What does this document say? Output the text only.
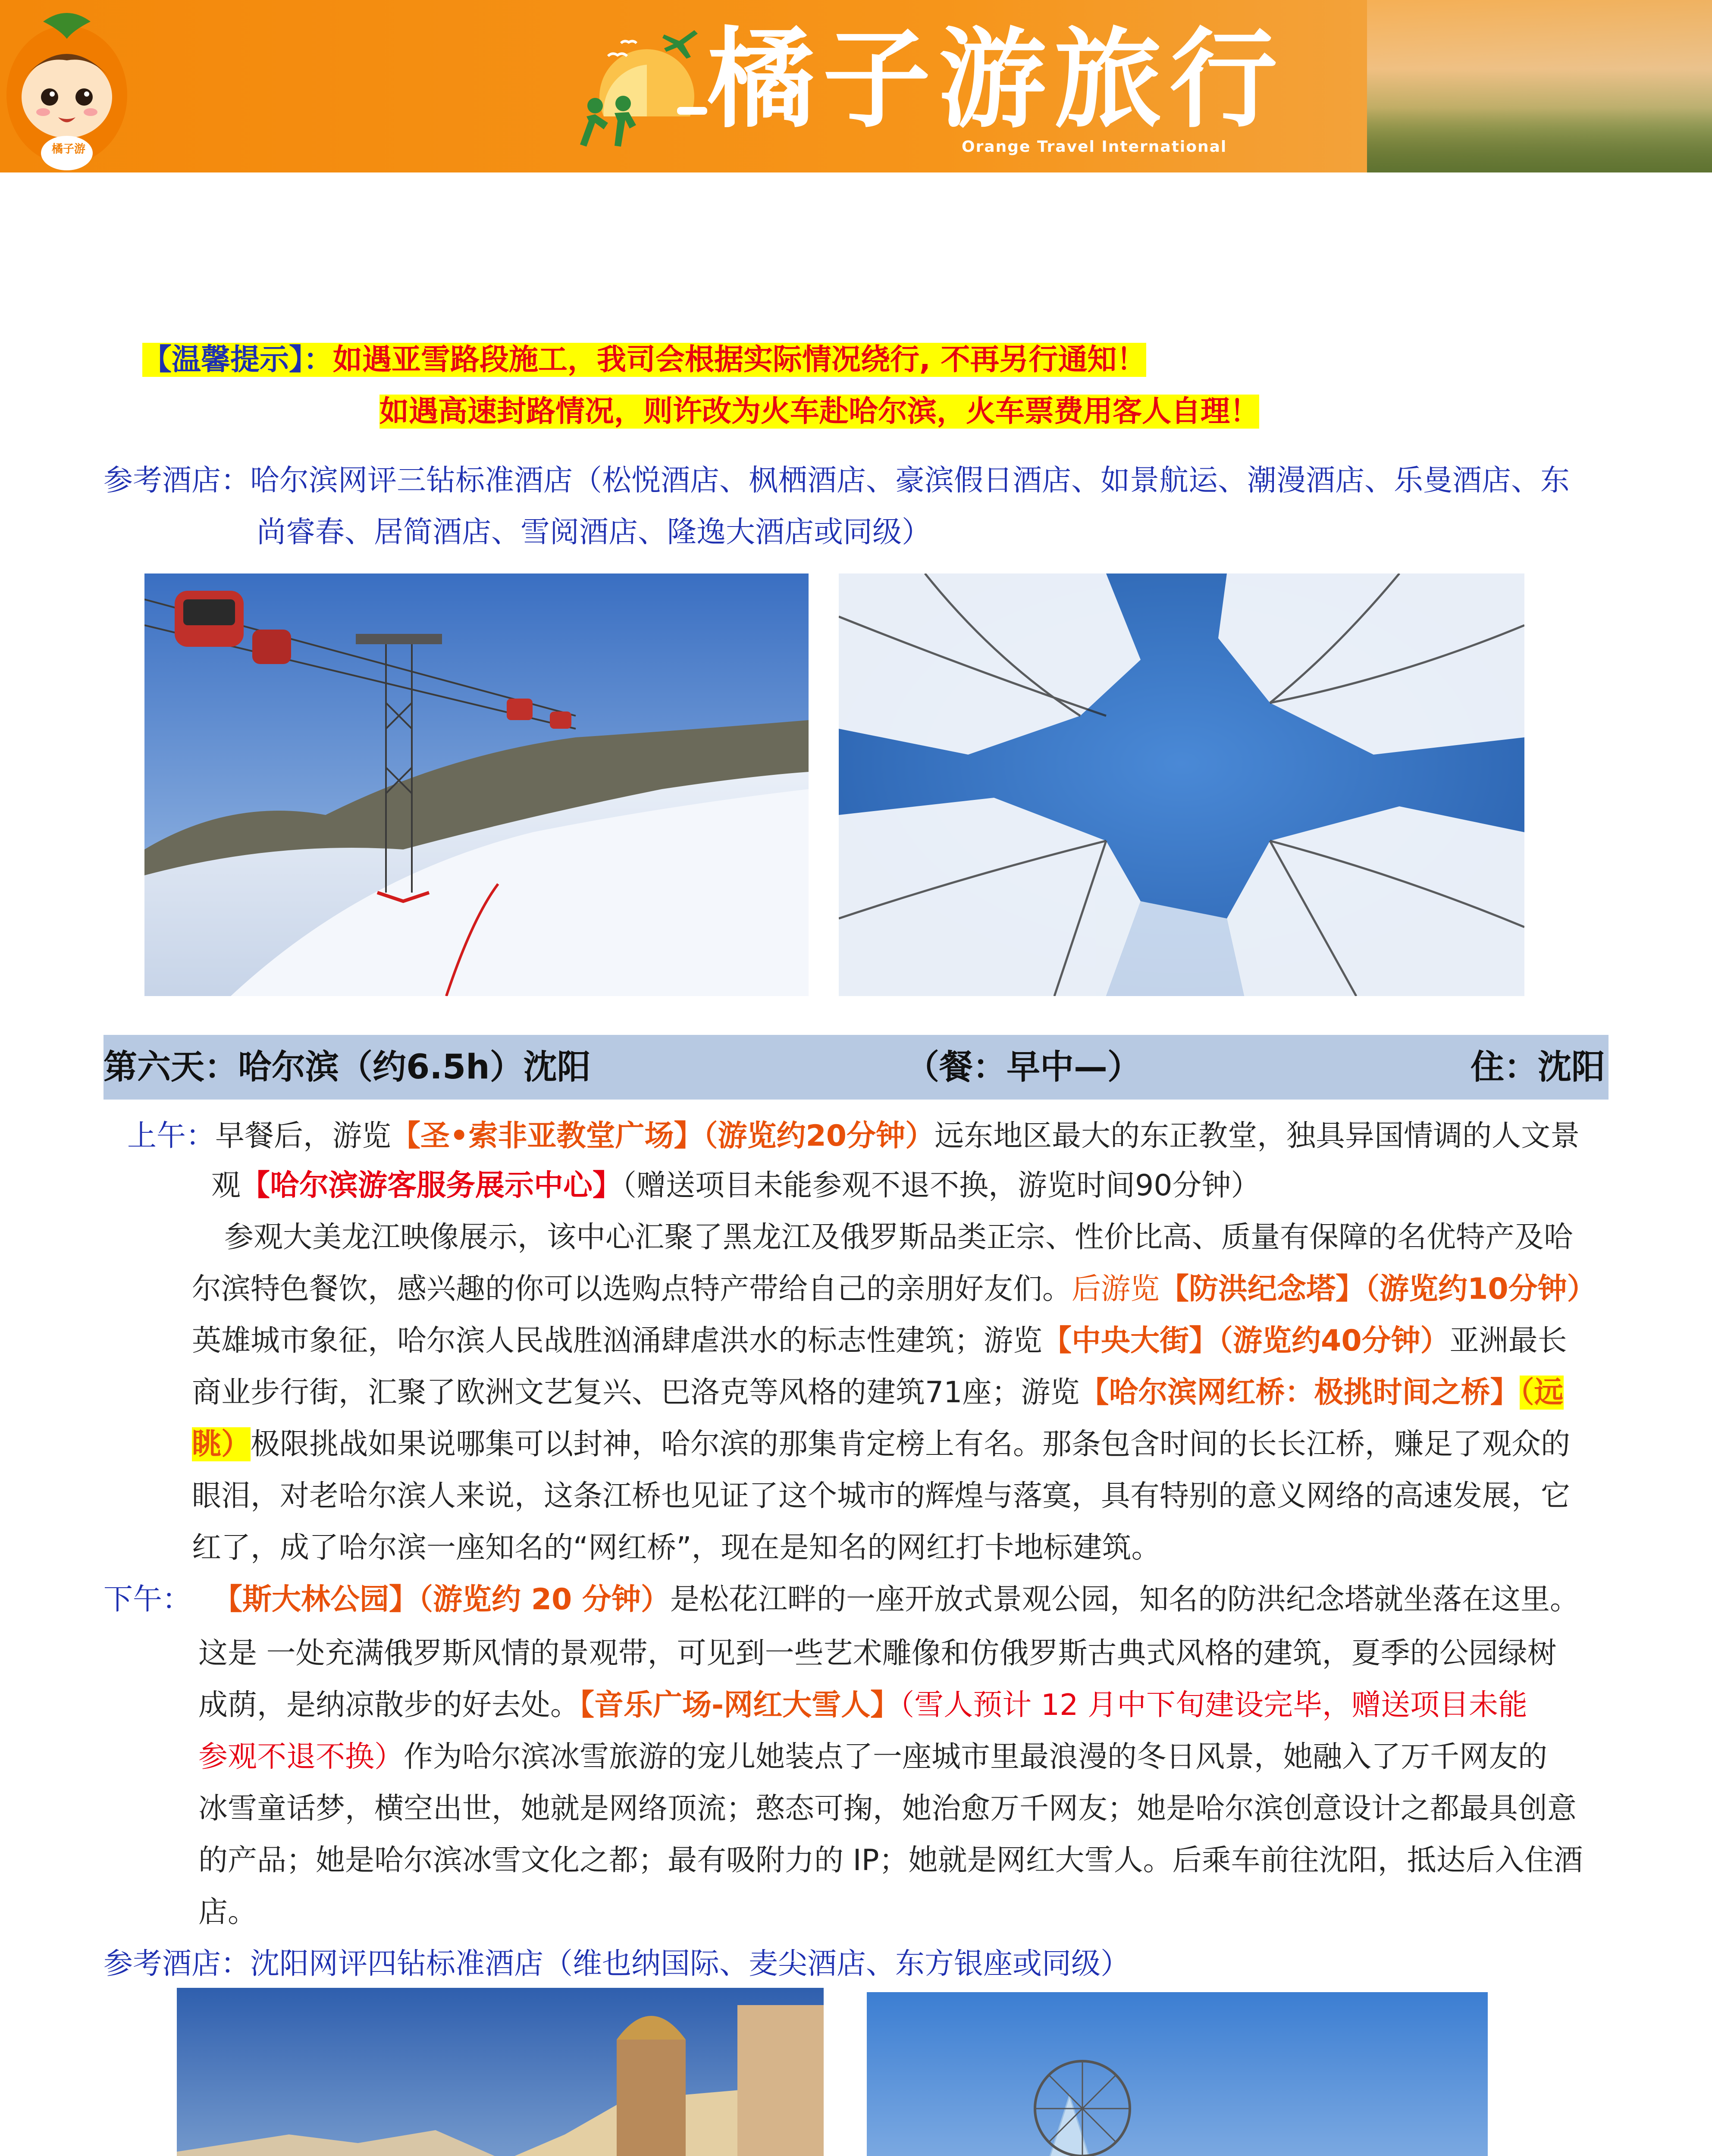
橘子游
橘子游旅行
Orange Travel International
【温馨提示】：如遇亚雪路段施工，我司会根据实际情况绕行, 不再另行通知！
如遇高速封路情况，则许改为火车赴哈尔滨，火车票费用客人自理！
参考酒店：哈尔滨网评三钻标准酒店（松悦酒店、枫栖酒店、豪滨假日酒店、如景航运、潮漫酒店、乐曼酒店、东
尚睿春、居简酒店、雪阅酒店、隆逸大酒店或同级）
第六天：哈尔滨（约6.5h）沈阳	（餐：早中—）	住：沈阳
上午：早餐后，游览【圣•索非亚教堂广场】（游览约20分钟）远东地区最大的东正教堂，独具异国情调的人文景
观【哈尔滨游客服务展示中心】（赠送项目未能参观不退不换，游览时间90分钟）
参观大美龙江映像展示，该中心汇聚了黑龙江及俄罗斯品类正宗、性价比高、质量有保障的名优特产及哈
尔滨特色餐饮，感兴趣的你可以选购点特产带给自己的亲朋好友们。后游览【防洪纪念塔】（游览约10分钟）
英雄城市象征，哈尔滨人民战胜汹涌肆虐洪水的标志性建筑；游览【中央大街】（游览约40分钟）亚洲最长
商业步行街，汇聚了欧洲文艺复兴、巴洛克等风格的建筑71座；游览【哈尔滨网红桥：极挑时间之桥】（远
眺）极限挑战如果说哪集可以封神，哈尔滨的那集肯定榜上有名。那条包含时间的长长江桥，赚足了观众的
眼泪，对老哈尔滨人来说，这条江桥也见证了这个城市的辉煌与落寞，具有特别的意义网络的高速发展，它
红了，成了哈尔滨一座知名的“网红桥”，现在是知名的网红打卡地标建筑。
下午： 【斯大林公园】（游览约 20 分钟）是松花江畔的一座开放式景观公园，知名的防洪纪念塔就坐落在这里。
这是 一处充满俄罗斯风情的景观带，可见到一些艺术雕像和仿俄罗斯古典式风格的建筑，夏季的公园绿树
成荫，是纳凉散步的好去处。【音乐广场-网红大雪人】（雪人预计 12 月中下旬建设完毕，赠送项目未能
参观不退不换）作为哈尔滨冰雪旅游的宠儿她装点了一座城市里最浪漫的冬日风景，她融入了万千网友的
冰雪童话梦，横空出世，她就是网络顶流；憨态可掬，她治愈万千网友；她是哈尔滨创意设计之都最具创意
的产品；她是哈尔滨冰雪文化之都；最有吸附力的 IP；她就是网红大雪人。后乘车前往沈阳，抵达后入住酒
店。
参考酒店：沈阳网评四钻标准酒店（维也纳国际、麦尖酒店、东方银座或同级）
